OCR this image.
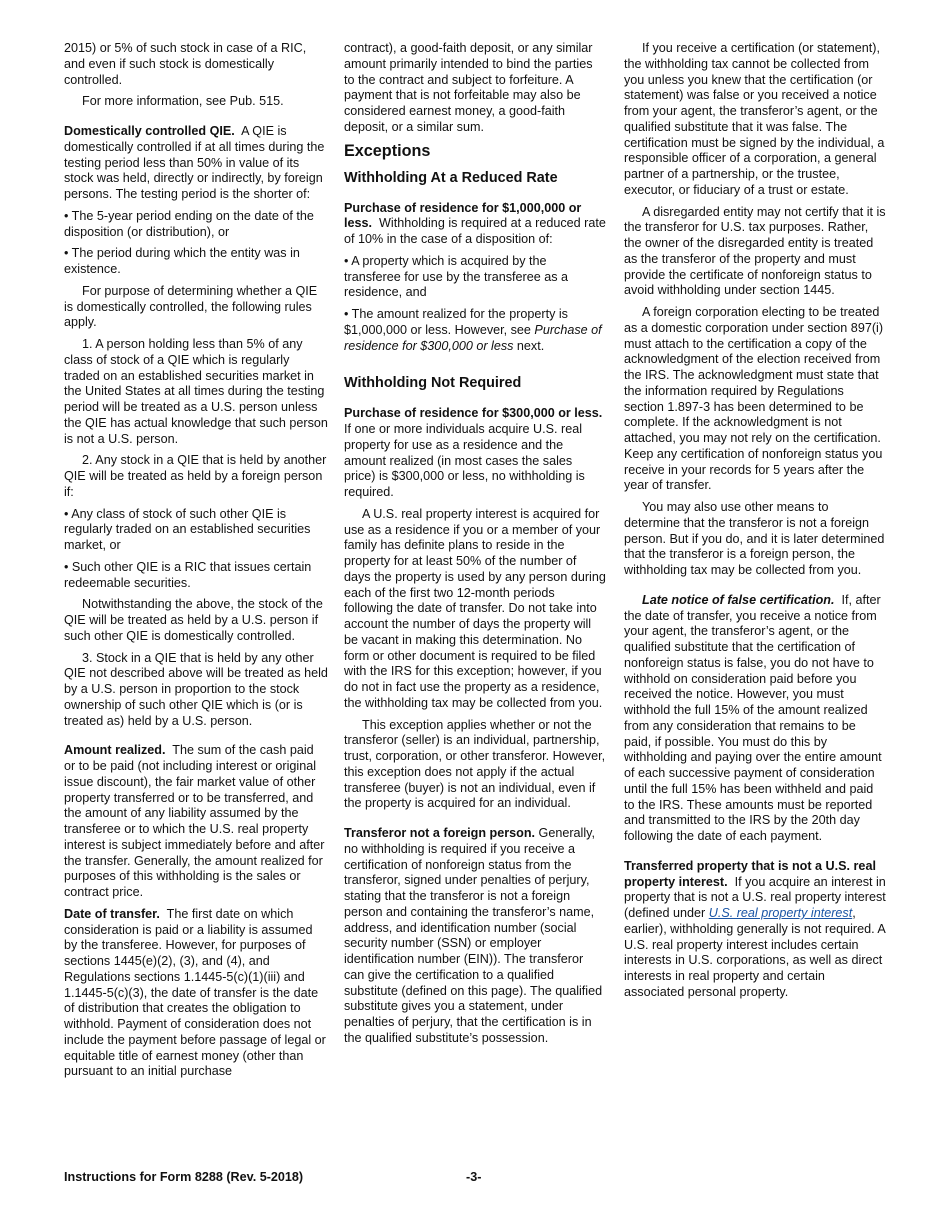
2015) or 5% of such stock in case of a RIC, and even if such stock is domestically controlled.

For more information, see Pub. 515.

Domestically controlled QIE. A QIE is domestically controlled if at all times during the testing period less than 50% in value of its stock was held, directly or indirectly, by foreign persons. The testing period is the shorter of:

• The 5-year period ending on the date of the disposition (or distribution), or

• The period during which the entity was in existence.

For purpose of determining whether a QIE is domestically controlled, the following rules apply.

1. A person holding less than 5% of any class of stock of a QIE which is regularly traded on an established securities market in the United States at all times during the testing period will be treated as a U.S. person unless the QIE has actual knowledge that such person is not a U.S. person.

2. Any stock in a QIE that is held by another QIE will be treated as held by a foreign person if:

• Any class of stock of such other QIE is regularly traded on an established securities market, or

• Such other QIE is a RIC that issues certain redeemable securities.

Notwithstanding the above, the stock of the QIE will be treated as held by a U.S. person if such other QIE is domestically controlled.

3. Stock in a QIE that is held by any other QIE not described above will be treated as held by a U.S. person in proportion to the stock ownership of such other QIE which is (or is treated as) held by a U.S. person.

Amount realized. The sum of the cash paid or to be paid (not including interest or original issue discount), the fair market value of other property transferred or to be transferred, and the amount of any liability assumed by the transferee or to which the U.S. real property interest is subject immediately before and after the transfer. Generally, the amount realized for purposes of this withholding is the sales or contract price.

Date of transfer. The first date on which consideration is paid or a liability is assumed by the transferee. However, for purposes of sections 1445(e)(2), (3), and (4), and Regulations sections 1.1445-5(c)(1)(iii) and 1.1445-5(c)(3), the date of transfer is the date of distribution that creates the obligation to withhold. Payment of consideration does not include the payment before passage of legal or equitable title of earnest money (other than pursuant to an initial purchase

contract), a good-faith deposit, or any similar amount primarily intended to bind the parties to the contract and subject to forfeiture. A payment that is not forfeitable may also be considered earnest money, a good-faith deposit, or a similar sum.

Exceptions
Withholding At a Reduced Rate

Purchase of residence for $1,000,000 or less. Withholding is required at a reduced rate of 10% in the case of a disposition of:

• A property which is acquired by the transferee for use by the transferee as a residence, and

• The amount realized for the property is $1,000,000 or less. However, see Purchase of residence for $300,000 or less next.

Withholding Not Required

Purchase of residence for $300,000 or less.  If one or more individuals acquire U.S. real property for use as a residence and the amount realized (in most cases the sales price) is $300,000 or less, no withholding is required.

A U.S. real property interest is acquired for use as a residence if you or a member of your family has definite plans to reside in the property for at least 50% of the number of days the property is used by any person during each of the first two 12-month periods following the date of transfer. Do not take into account the number of days the property will be vacant in making this determination. No form or other document is required to be filed with the IRS for this exception; however, if you do not in fact use the property as a residence, the withholding tax may be collected from you.

This exception applies whether or not the transferor (seller) is an individual, partnership, trust, corporation, or other transferor. However, this exception does not apply if the actual transferee (buyer) is not an individual, even if the property is acquired for an individual.

Transferor not a foreign person. Generally, no withholding is required if you receive a certification of nonforeign status from the transferor, signed under penalties of perjury, stating that the transferor is not a foreign person and containing the transferor’s name, address, and identification number (social security number (SSN) or employer identification number (EIN)). The transferor can give the certification to a qualified substitute (defined on this page). The qualified substitute gives you a statement, under penalties of perjury, that the certification is in the qualified substitute’s possession.

If you receive a certification (or statement), the withholding tax cannot be collected from you unless you knew that the certification (or statement) was false or you received a notice from your agent, the transferor’s agent, or the qualified substitute that it was false. The certification must be signed by the individual, a responsible officer of a corporation, a general partner of a partnership, or the trustee, executor, or fiduciary of a trust or estate.

A disregarded entity may not certify that it is the transferor for U.S. tax purposes. Rather, the owner of the disregarded entity is treated as the transferor of the property and must provide the certificate of nonforeign status to avoid withholding under section 1445.

A foreign corporation electing to be treated as a domestic corporation under section 897(i) must attach to the certification a copy of the acknowledgment of the election received from the IRS. The acknowledgment must state that the information required by Regulations section 1.897-3 has been determined to be complete. If the acknowledgment is not attached, you may not rely on the certification. Keep any certification of nonforeign status you receive in your records for 5 years after the year of transfer.

You may also use other means to determine that the transferor is not a foreign person. But if you do, and it is later determined that the transferor is a foreign person, the withholding tax may be collected from you.

Late notice of false certification. If, after the date of transfer, you receive a notice from your agent, the transferor’s agent, or the qualified substitute that the certification of nonforeign status is false, you do not have to withhold on consideration paid before you received the notice. However, you must withhold the full 15% of the amount realized from any consideration that remains to be paid, if possible. You must do this by withholding and paying over the entire amount of each successive payment of consideration until the full 15% has been withheld and paid to the IRS. These amounts must be reported and transmitted to the IRS by the 20th day following the date of each payment.

Transferred property that is not a U.S. real property interest. If you acquire an interest in property that is not a U.S. real property interest (defined under U.S. real property interest, earlier), withholding generally is not required. A U.S. real property interest includes certain interests in U.S. corporations, as well as direct interests in real property and certain associated personal property.

Instructions for Form 8288 (Rev. 5-2018)	-3-
